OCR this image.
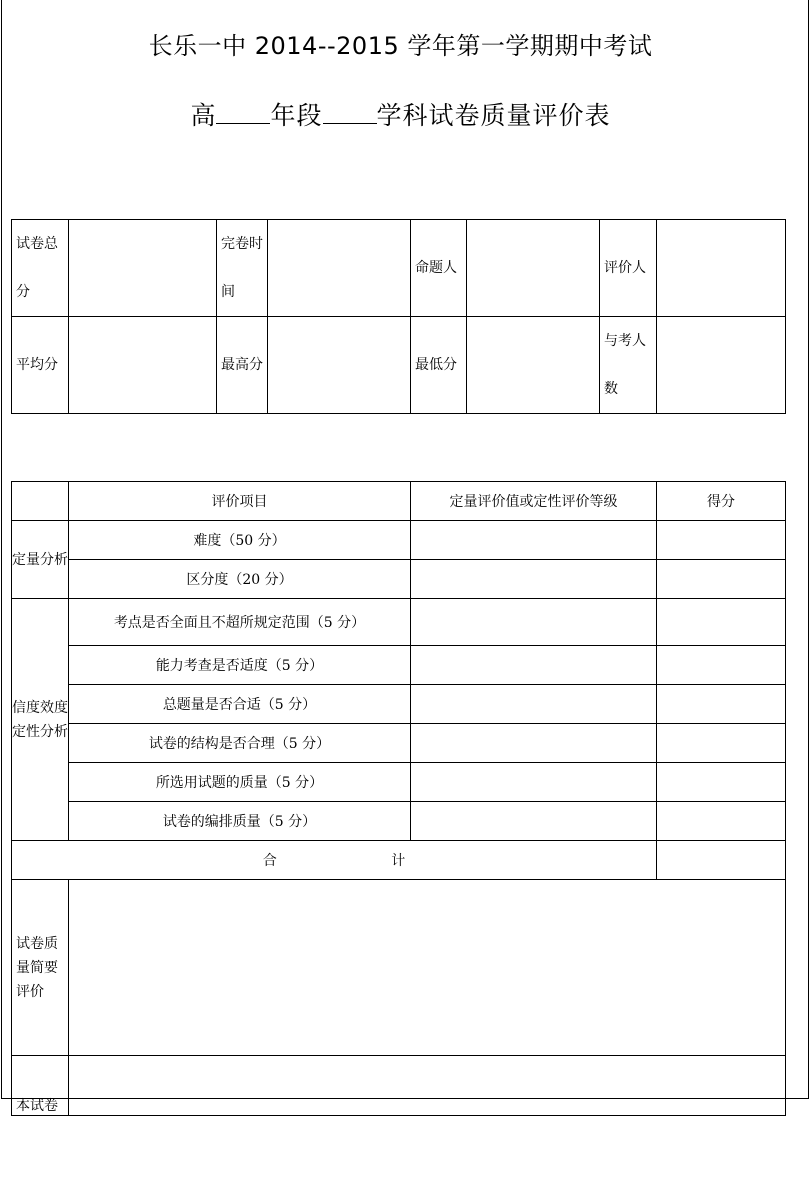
长乐一中 2014--2015 学年第一学期期中考试
高 年段 学科试卷质量评价表
试卷总分		完卷时间		命题人		评价人	
平均分		最高分		最低分		与考人数	
	评价项目	定量评价值或定性评价等级	得分
定量分析	难度（50 分）		
	区分度（20 分）		
信度效度定性分析	考点是否全面且不超所规定范围（5 分）		
	能力考查是否适度（5 分）		
	总题量是否合适（5 分）		
	试卷的结构是否合理（5 分）		
	所选用试题的质量（5 分）		
	试卷的编排质量（5 分）		
合 计			
试卷质量简要评价			
本试卷			
